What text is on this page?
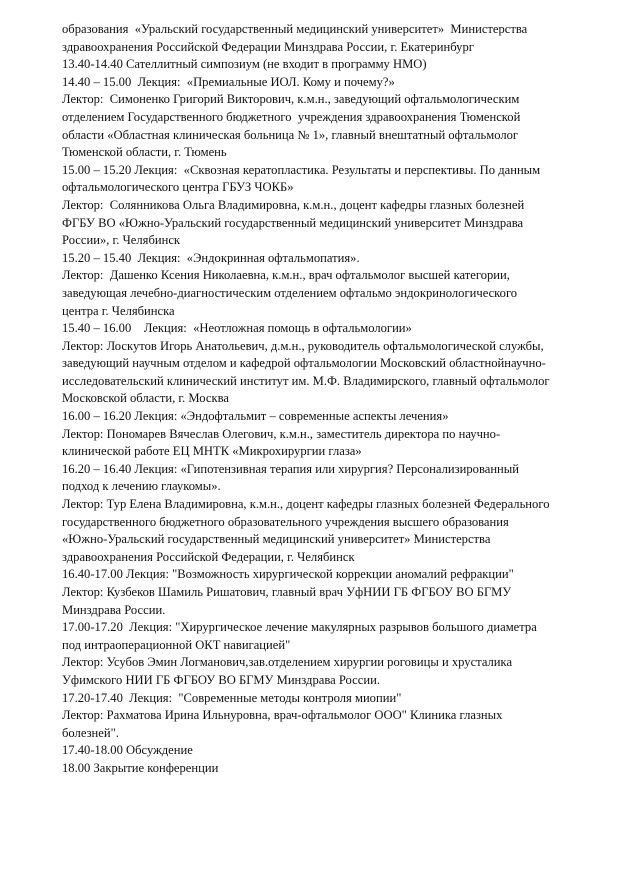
образования  «Уральский государственный медицинский университет»  Министерства
здравоохранения Российской Федерации Минздрава России, г. Екатеринбург
13.40-14.40 Сателлитный симпозиум (не входит в программу НМО)
14.40 – 15.00  Лекция:  «Премиальные ИОЛ. Кому и почему?»
Лектор:  Симоненко Григорий Викторович, к.м.н., заведующий офтальмологическим
отделением Государственного бюджетного  учреждения здравоохранения Тюменской
области «Областная клиническая больница № 1», главный внештатный офтальмолог
Тюменской области, г. Тюмень
15.00 – 15.20 Лекция:  «Сквозная кератопластика. Результаты и перспективы. По данным
офтальмологического центра ГБУЗ ЧОКБ»
Лектор:  Солянникова Ольга Владимировна, к.м.н., доцент кафедры глазных болезней
ФГБУ ВО «Южно-Уральский государственный медицинский университет Минздрава
России», г. Челябинск
15.20 – 15.40  Лекция:  «Эндокринная офтальмопатия».
Лектор:  Дашенко Ксения Николаевна, к.м.н., врач офтальмолог высшей категории,
заведующая лечебно-диагностическим отделением офтальмо эндокринологического
центра г. Челябинска
15.40 – 16.00    Лекция:  «Неотложная помощь в офтальмологии»
Лектор: Лоскутов Игорь Анатольевич, д.м.н., руководитель офтальмологической службы,
заведующий научным отделом и кафедрой офтальмологии Московский областнойнаучно-
исследовательский клинический институт им. М.Ф. Владимирского, главный офтальмолог
Московской области, г. Москва
16.00 – 16.20 Лекция: «Эндофтальмит – современные аспекты лечения»
Лектор: Пономарев Вячеслав Олегович, к.м.н., заместитель директора по научно-
клинической работе ЕЦ МНТК «Микрохирургии глаза»
16.20 – 16.40 Лекция: «Гипотензивная терапия или хирургия? Персонализированный
подход к лечению глаукомы».
Лектор: Тур Елена Владимировна, к.м.н., доцент кафедры глазных болезней Федерального
государственного бюджетного образовательного учреждения высшего образования
«Южно-Уральский государственный медицинский университет» Министерства
здравоохранения Российской Федерации, г. Челябинск
16.40-17.00 Лекция: "Возможность хирургической коррекции аномалий рефракции"
Лектор: Кузбеков Шамиль Ришатович, главный врач УфНИИ ГБ ФГБОУ ВО БГМУ
Минздрава России.
17.00-17.20  Лекция: "Хирургическое лечение макулярных разрывов большого диаметра
под интраоперационной ОКТ навигацией"
Лектор: Усубов Эмин Логманович,зав.отделением хирургии роговицы и хрусталика
Уфимского НИИ ГБ ФГБОУ ВО БГМУ Минздрава России.
17.20-17.40  Лекция:  "Современные методы контроля миопии"
Лектор: Рахматова Ирина Ильнуровна, врач-офтальмолог ООО" Клиника глазных
болезней".
17.40-18.00 Обсуждение
18.00 Закрытие конференции
